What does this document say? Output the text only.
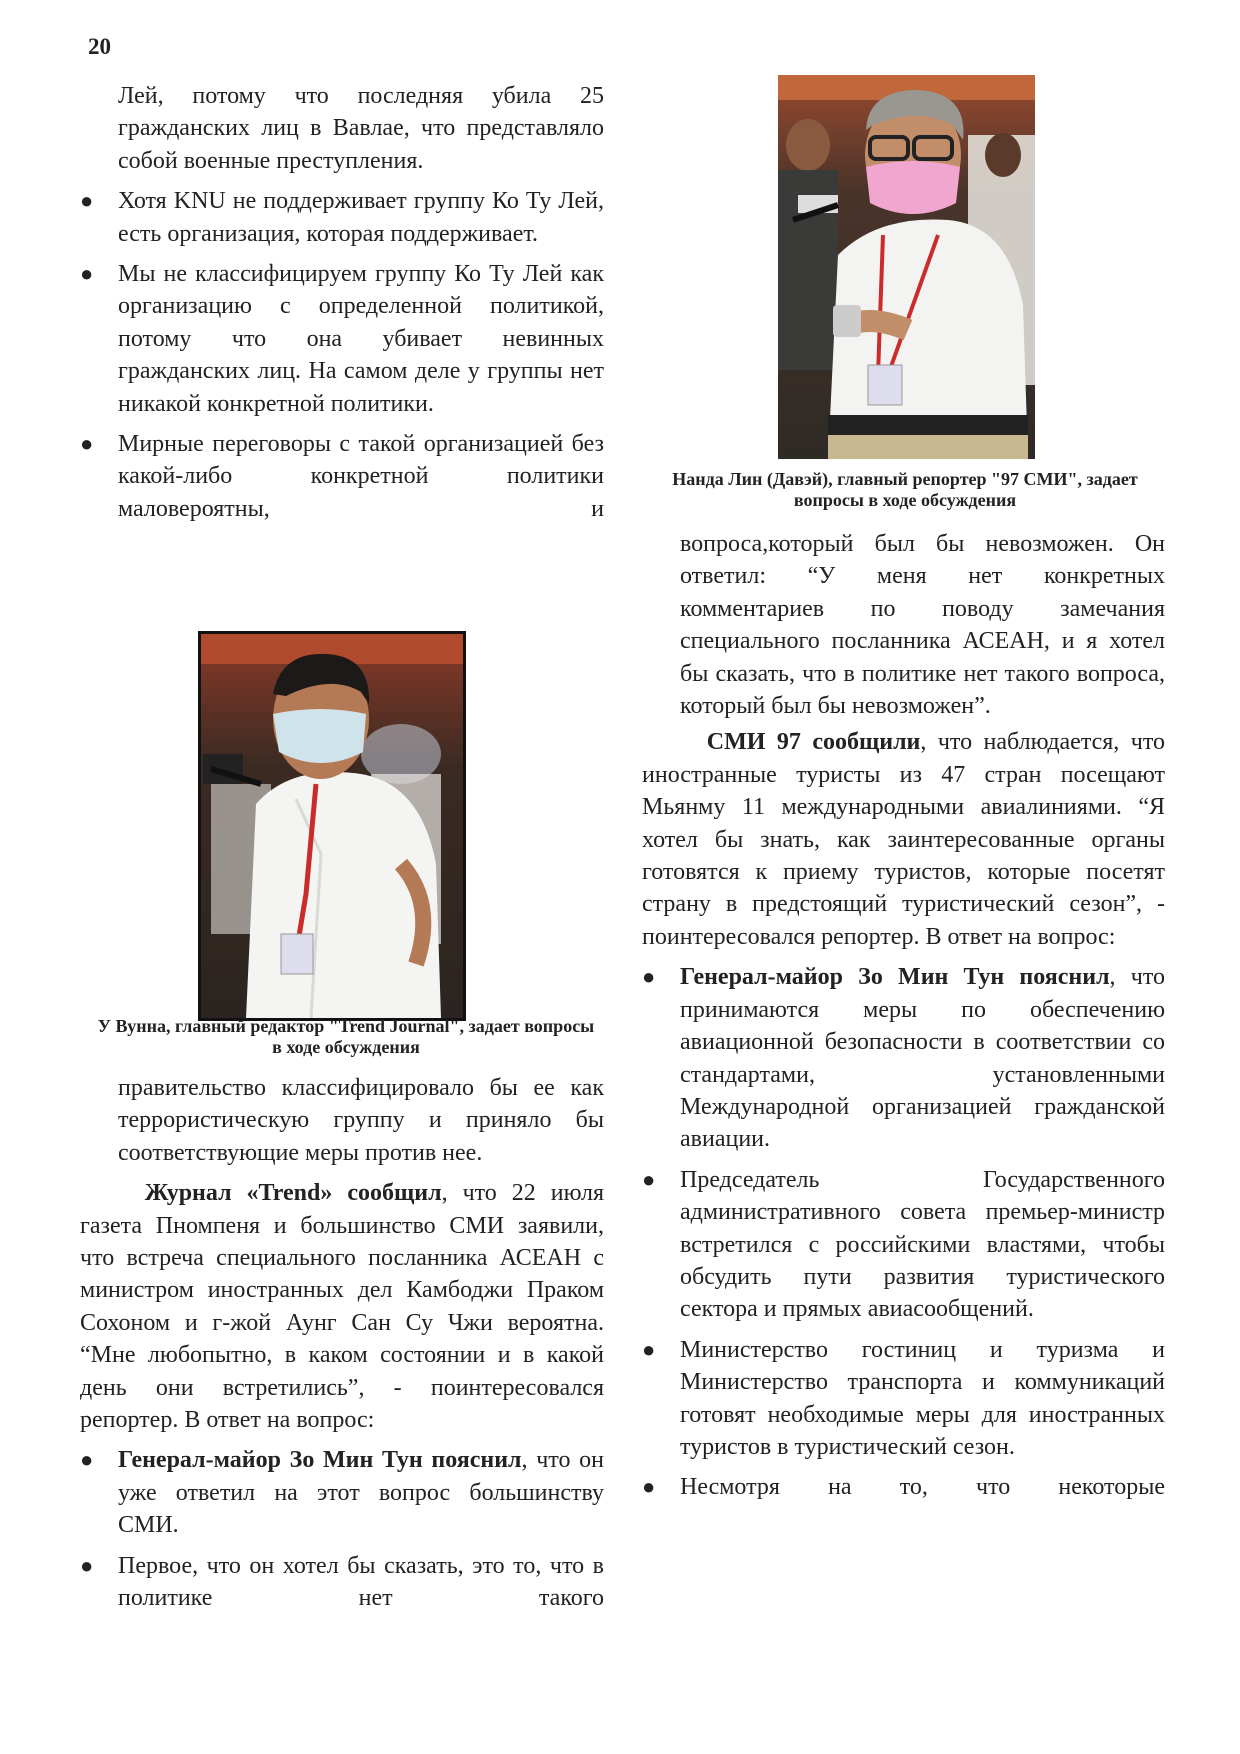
20

Лей, потому что последняя убила 25 гражданских лиц в Вавлае, что представляло собой военные преступления.

● Хотя KNU не поддерживает группу Ко Ту Лей, есть организация, которая поддерживает.
● Мы не классифицируем группу Ко Ту Лей как организацию с определенной политикой, потому что она убивает невинных гражданских лиц. На самом деле у группы нет никакой конкретной политики.
● Мирные переговоры с такой организацией без какой-либо конкретной политики маловероятны, и

У Вунна, главный редактор "Trend Journal", задает вопросы в ходе обсуждения

правительство классифицировало бы ее как террористическую группу и приняло бы соответствующие меры против нее.

Журнал «Trend» сообщил, что 22 июля газета Пномпеня и большинство СМИ заявили, что встреча специального посланника АСЕАН с министром иностранных дел Камбоджи Праком Сохоном и г-жой Аунг Сан Су Чжи вероятна. “Мне любопытно, в каком состоянии и в какой день они встретились”, - поинтересовался репортер. В ответ на вопрос:

● Генерал-майор Зо Мин Тун пояснил, что он уже ответил на этот вопрос большинству СМИ.
● Первое, что он хотел бы сказать, это то, что в политике нет такого

Нанда Лин (Давэй), главный репортер "97 СМИ", задает вопросы в ходе обсуждения

вопроса,который был бы невозможен. Он ответил: “У меня нет конкретных комментариев по поводу замечания специального посланника АСЕАН, и я хотел бы сказать, что в политике нет такого вопроса, который был бы невозможен”.

СМИ 97 сообщили, что наблюдается, что иностранные туристы из 47 стран посещают Мьянму 11 международными авиалиниями. “Я хотел бы знать, как заинтересованные органы готовятся к приему туристов, которые посетят страну в предстоящий туристический сезон”, - поинтересовался репортер. В ответ на вопрос:

● Генерал-майор Зо Мин Тун пояснил, что принимаются меры по обеспечению авиационной безопасности в соответствии со стандартами, установленными Международной организацией гражданской авиации.
● Председатель Государственного административного совета премьер-министр встретился с российскими властями, чтобы обсудить пути развития туристического сектора и прямых авиасообщений.
● Министерство гостиниц и туризма и Министерство транспорта и коммуникаций готовят необходимые меры для иностранных туристов в туристический сезон.
● Несмотря на то, что некоторые
